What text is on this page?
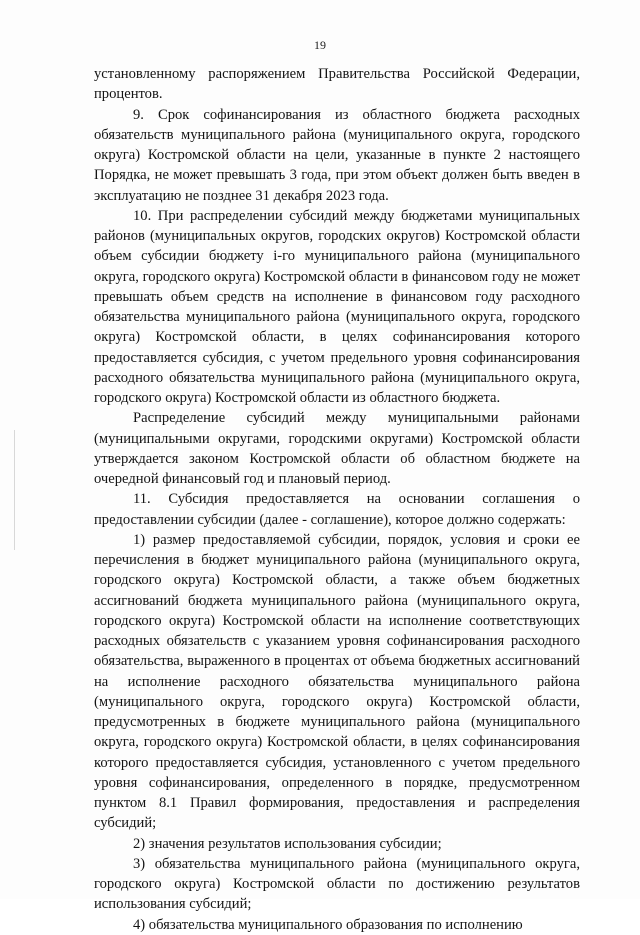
19

установленному распоряжением Правительства Российской Федерации, процентов.

9. Срок софинансирования из областного бюджета расходных обязательств муниципального района (муниципального округа, городского округа) Костромской области на цели, указанные в пункте 2 настоящего Порядка, не может превышать 3 года, при этом объект должен быть введен в эксплуатацию не позднее 31 декабря 2023 года.

10. При распределении субсидий между бюджетами муниципальных районов (муниципальных округов, городских округов) Костромской области объем субсидии бюджету i-го муниципального района (муниципального округа, городского округа) Костромской области в финансовом году не может превышать объем средств на исполнение в финансовом году расходного обязательства муниципального района (муниципального округа, городского округа) Костромской области, в целях софинансирования которого предоставляется субсидия, с учетом предельного уровня софинансирования расходного обязательства муниципального района (муниципального округа, городского округа) Костромской области из областного бюджета.

Распределение субсидий между муниципальными районами (муниципальными округами, городскими округами) Костромской области утверждается законом Костромской области об областном бюджете на очередной финансовый год и плановый период.

11. Субсидия предоставляется на основании соглашения о предоставлении субсидии (далее - соглашение), которое должно содержать:

1) размер предоставляемой субсидии, порядок, условия и сроки ее перечисления в бюджет муниципального района (муниципального округа, городского округа) Костромской области, а также объем бюджетных ассигнований бюджета муниципального района (муниципального округа, городского округа) Костромской области на исполнение соответствующих расходных обязательств с указанием уровня софинансирования расходного обязательства, выраженного в процентах от объема бюджетных ассигнований на исполнение расходного обязательства муниципального района (муниципального округа, городского округа) Костромской области, предусмотренных в бюджете муниципального района (муниципального округа, городского округа) Костромской области, в целях софинансирования которого предоставляется субсидия, установленного с учетом предельного уровня софинансирования, определенного в порядке, предусмотренном пунктом 8.1 Правил формирования, предоставления и распределения субсидий;

2) значения результатов использования субсидии;

3) обязательства муниципального района (муниципального округа, городского округа) Костромской области по достижению результатов использования субсидий;

4) обязательства муниципального образования по исполнению
